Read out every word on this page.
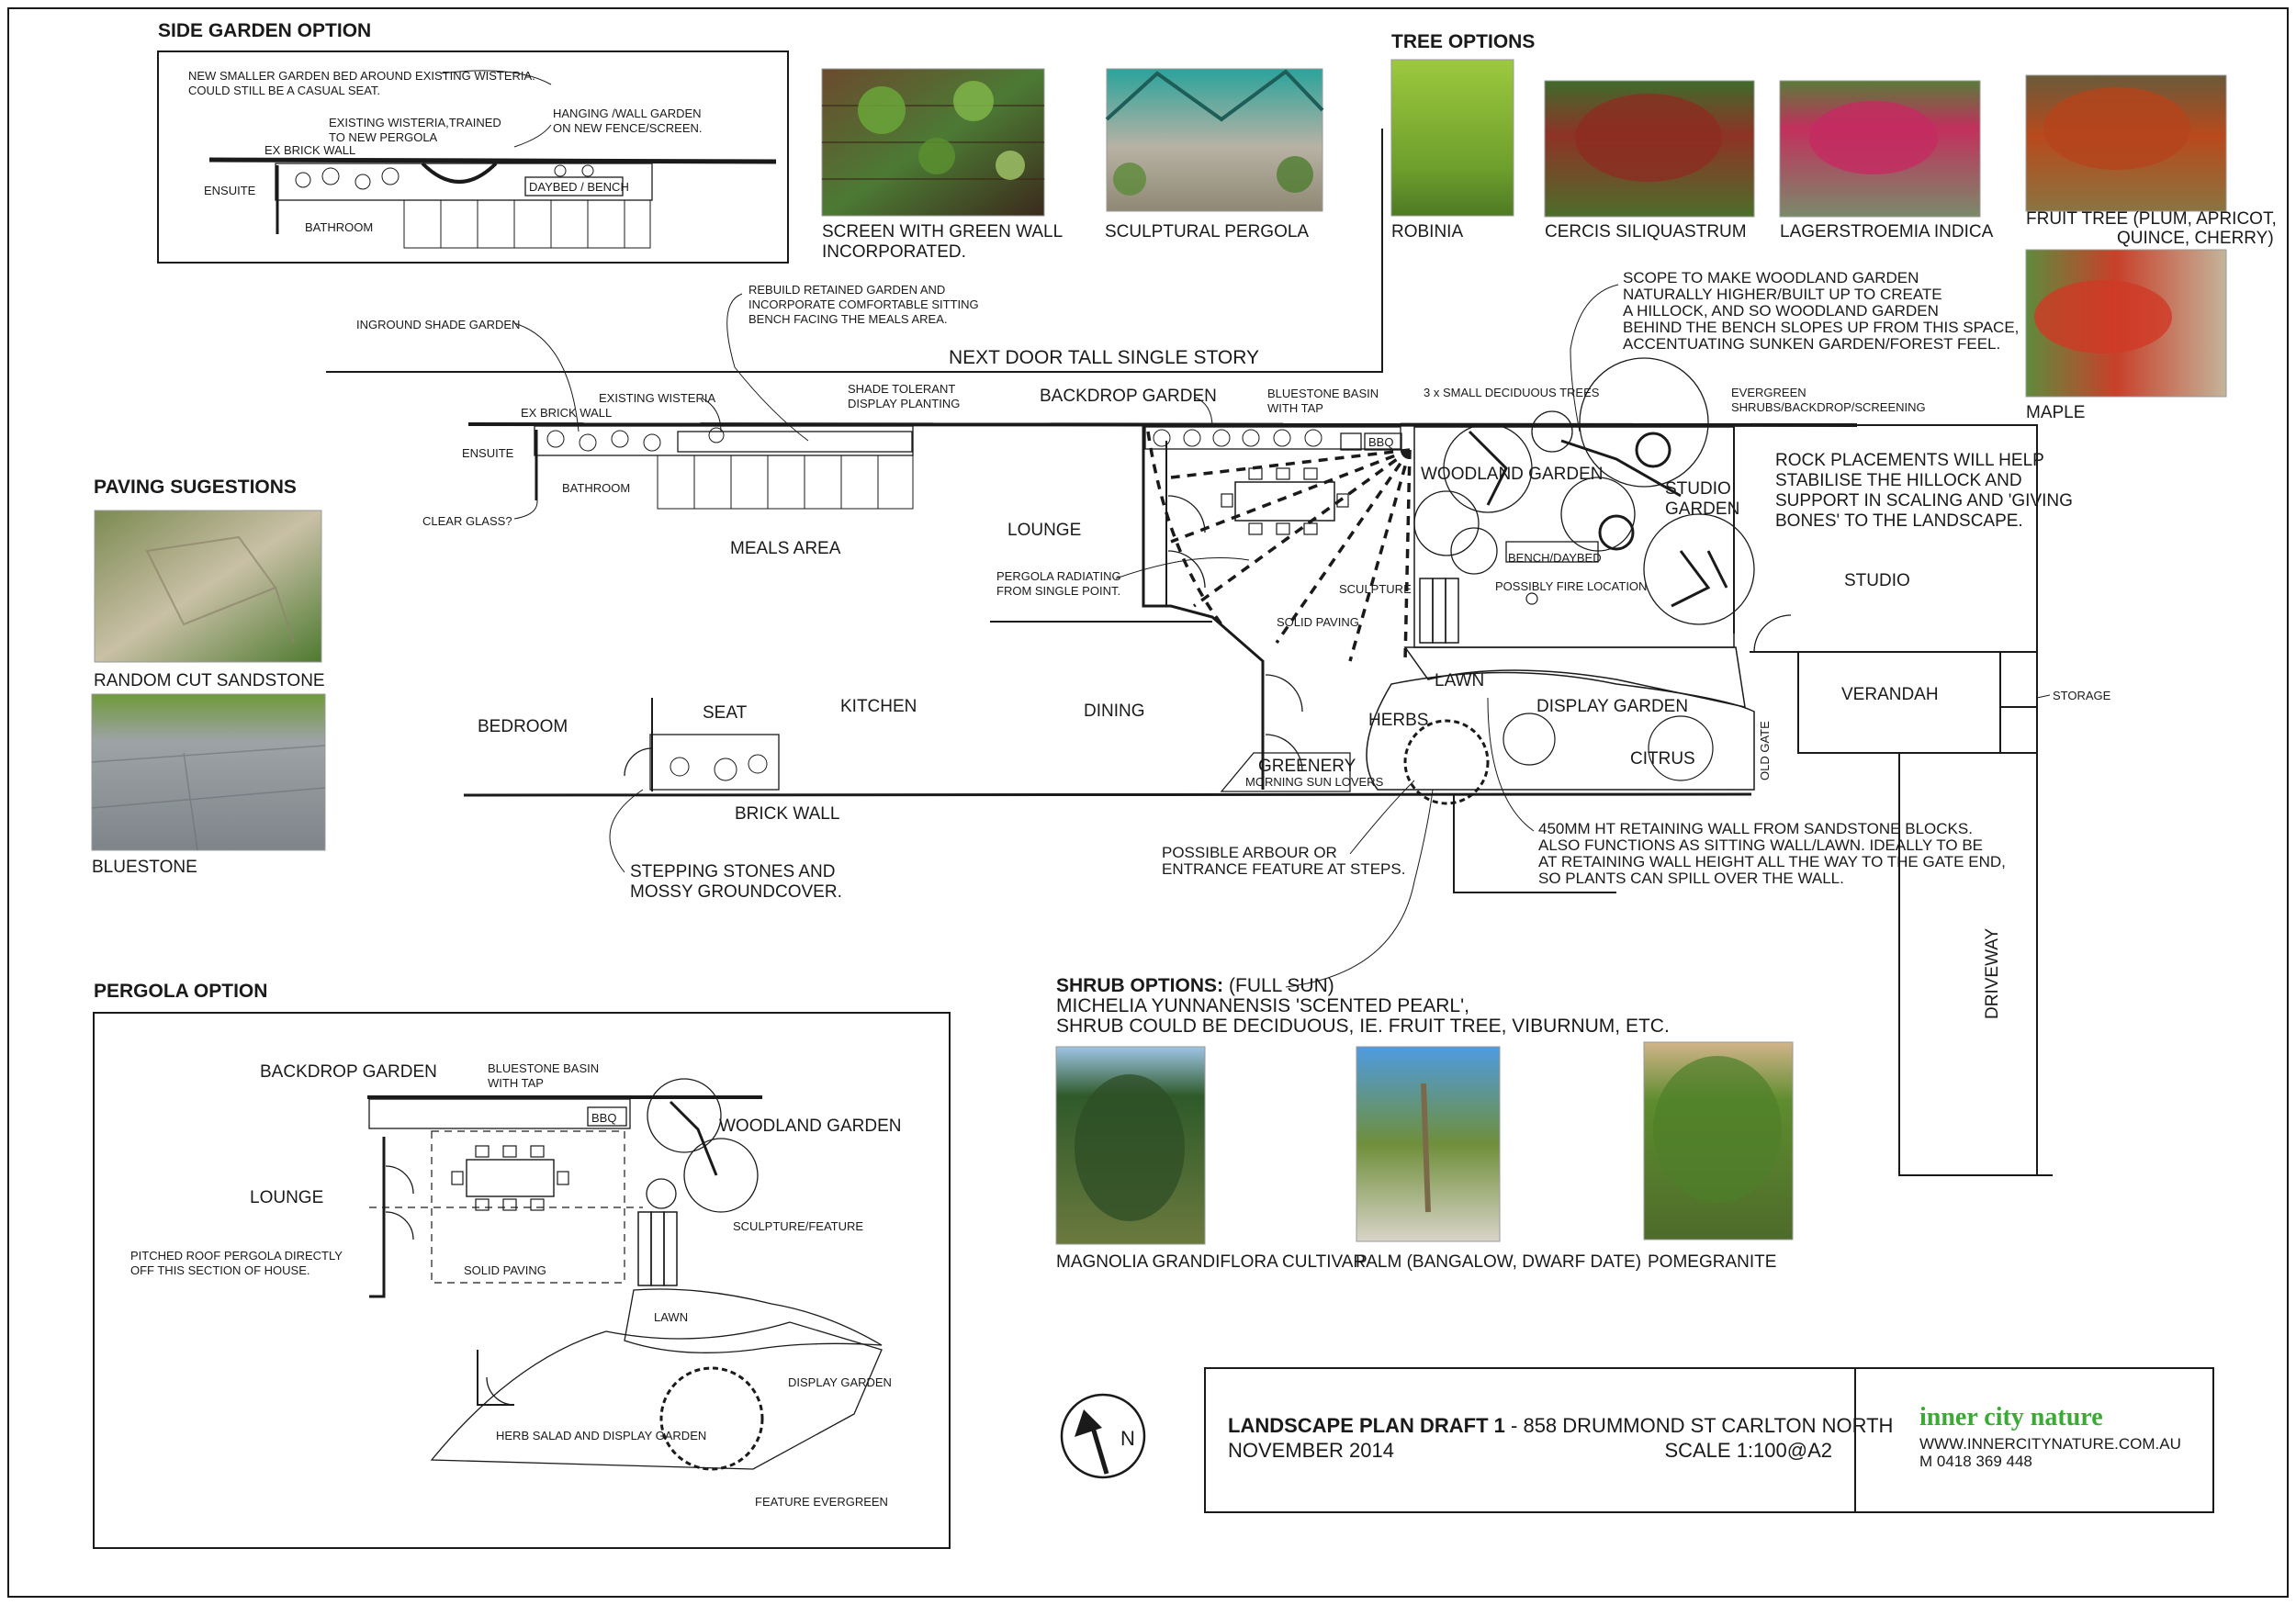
SIDE GARDEN OPTION
NEW SMALLER GARDEN BED AROUND EXISTING WISTERIA.
COULD STILL BE A CASUAL SEAT.
EXISTING WISTERIA,TRAINED
TO NEW PERGOLA
HANGING /WALL GARDEN
ON NEW FENCE/SCREEN.
EX BRICK WALL
ENSUITE
BATHROOM
DAYBED / BENCH
SCREEN WITH GREEN WALL
INCORPORATED.
SCULPTURAL PERGOLA
TREE OPTIONS
ROBINIA	CERCIS SILIQUASTRUM LAGERSTROEMIA INDICA
FRUIT TREE (PLUM, APRICOT,
QUINCE, CHERRY)
MAPLE
PAVING SUGESTIONS
RANDOM CUT SANDSTONE
BLUESTONE
NEXT DOOR TALL SINGLE STORY
REBUILD RETAINED GARDEN AND
INCORPORATE COMFORTABLE SITTING
BENCH FACING THE MEALS AREA.
INGROUND SHADE GARDEN
EXISTING WISTERIA
SHADE TOLERANT
DISPLAY PLANTING
EX BRICK WALL
ENSUITE
BATHROOM
CLEAR GLASS?
MEALS AREA
BACKDROP GARDEN	BLUESTONE BASIN
WITH TAP
BBQ
3 x SMALL DECIDUOUS TREES	EVERGREEN
SHRUBS/BACKDROP/SCREENING
SCOPE TO MAKE WOODLAND GARDEN
NATURALLY HIGHER/BUILT UP TO CREATE
A HILLOCK, AND SO WOODLAND GARDEN
BEHIND THE BENCH SLOPES UP FROM THIS SPACE,
ACCENTUATING SUNKEN GARDEN/FOREST FEEL.
ROCK PLACEMENTS WILL HELP
STABILISE THE HILLOCK AND
SUPPORT IN SCALING AND 'GIVING
BONES' TO THE LANDSCAPE.
STUDIO
VERANDAH	STORAGE
LOUNGE
PERGOLA RADIATING
FROM SINGLE POINT.	SCULPTURE
SOLID PAVING
WOODLAND GARDEN
STUDIO
GARDEN
BENCH/DAYBED
POSSIBLY FIRE LOCATION
LAWN
HERBS
DISPLAY GARDEN
CITRUS	OLD GATE
BEDROOM
SEAT	KITCHEN	DINING
BRICK WALL
GREENERY
MORNING SUN LOVERS
STEPPING STONES AND
MOSSY GROUNDCOVER.
POSSIBLE ARBOUR OR
ENTRANCE FEATURE AT STEPS.
450MM HT RETAINING WALL FROM SANDSTONE BLOCKS.
ALSO FUNCTIONS AS SITTING WALL/LAWN. IDEALLY TO BE
AT RETAINING WALL HEIGHT ALL THE WAY TO THE GATE END,
SO PLANTS CAN SPILL OVER THE WALL.
DRIVEWAY
SHRUB OPTIONS: (FULL SUN)
MICHELIA YUNNANENSIS 'SCENTED PEARL',
SHRUB COULD BE DECIDUOUS, IE. FRUIT TREE, VIBURNUM, ETC.
MAGNOLIA GRANDIFLORA CULTIVAR
PALM (BANGALOW, DWARF DATE) POMEGRANITE
PERGOLA OPTION
BACKDROP GARDEN	BLUESTONE BASIN
WITH TAP
WOODLAND GARDEN
LOUNGE
PITCHED ROOF PERGOLA DIRECTLY
OFF THIS SECTION OF HOUSE.	SOLID PAVING
SCULPTURE/FEATURE
LAWN
DISPLAY GARDEN
HERB SALAD AND DISPLAY GARDEN
FEATURE EVERGREEN
BBQ
N
LANDSCAPE PLAN DRAFT 1 - 858 DRUMMOND ST CARLTON NORTH
NOVEMBER 2014	SCALE 1:100@A2
inner city nature
WWW.INNERCITYNATURE.COM.AU
M 0418 369 448
